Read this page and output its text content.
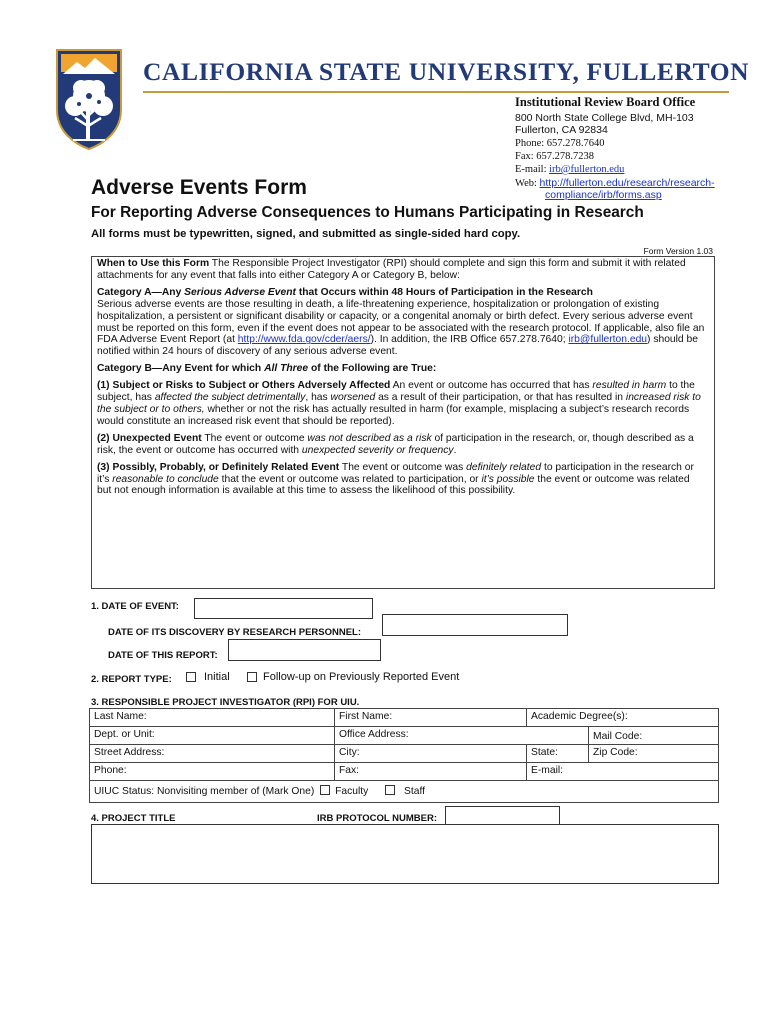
CALIFORNIA STATE UNIVERSITY, FULLERTON
Institutional Review Board Office
800 North State College Blvd, MH-103
Fullerton, CA 92834
Phone: 657.278.7640
Fax: 657.278.7238
E-mail: irb@fullerton.edu
Web: http://fullerton.edu/research/research-
compliance/irb/forms.asp
Adverse Events Form
For Reporting Adverse Consequences to Humans Participating in Research
All forms must be typewritten, signed, and submitted as single-sided hard copy.
Form Version 1.03

When to Use this Form The Responsible Project Investigator (RPI) should complete and sign this form and submit it with related attachments for any event that falls into either Category A or Category B, below:

Category A—Any Serious Adverse Event that Occurs within 48 Hours of Participation in the Research

Serious adverse events are those resulting in death, a life-threatening experience, hospitalization or prolongation of existing hospitalization, a persistent or significant disability or capacity, or a congenital anomaly or birth defect. Every serious adverse event must be reported on this form, even if the event does not appear to be associated with the research protocol. If applicable, also file an FDA Adverse Event Report (at http://www.fda.gov/cder/aers/). In addition, the IRB Office 657.278.7640; irb@fullerton.edu) should be notified within 24 hours of discovery of any serious adverse event.

Category B—Any Event for which All Three of the Following are True:

(1) Subject or Risks to Subject or Others Adversely Affected An event or outcome has occurred that has resulted in harm to the subject, has affected the subject detrimentally, has worsened as a result of their participation, or that has resulted in increased risk to the subject or to others, whether or not the risk has actually resulted in harm (for example, misplacing a subject’s research records would constitute an increased risk event that should be reported).

(2) Unexpected Event The event or outcome was not described as a risk of participation in the research, or, though described as a risk, the event or outcome has occurred with unexpected severity or frequency.

(3) Possibly, Probably, or Definitely Related Event The event or outcome was definitely related to participation in the research or it’s reasonable to conclude that the event or outcome was related to participation, or it’s possible the event or outcome was related but not enough information is available at this time to assess the likelihood of this possibility.

1. DATE OF EVENT:
DATE OF ITS DISCOVERY BY RESEARCH PERSONNEL:
DATE OF THIS REPORT:
2. REPORT TYPE:	Initial	Follow-up on Previously Reported Event
3. RESPONSIBLE PROJECT INVESTIGATOR (RPI) FOR UIU.
Last Name:	First Name:	Academic Degree(s):	
Dept. or Unit:	Office Address:		Mail Code:
Street Address:	City:	State:	Zip Code:
Phone:	Fax:	E-mail:	
UIUC Status: Nonvisiting member of (Mark One) Faculty Staff			
4. PROJECT TITLE	IRB PROTOCOL NUMBER:
